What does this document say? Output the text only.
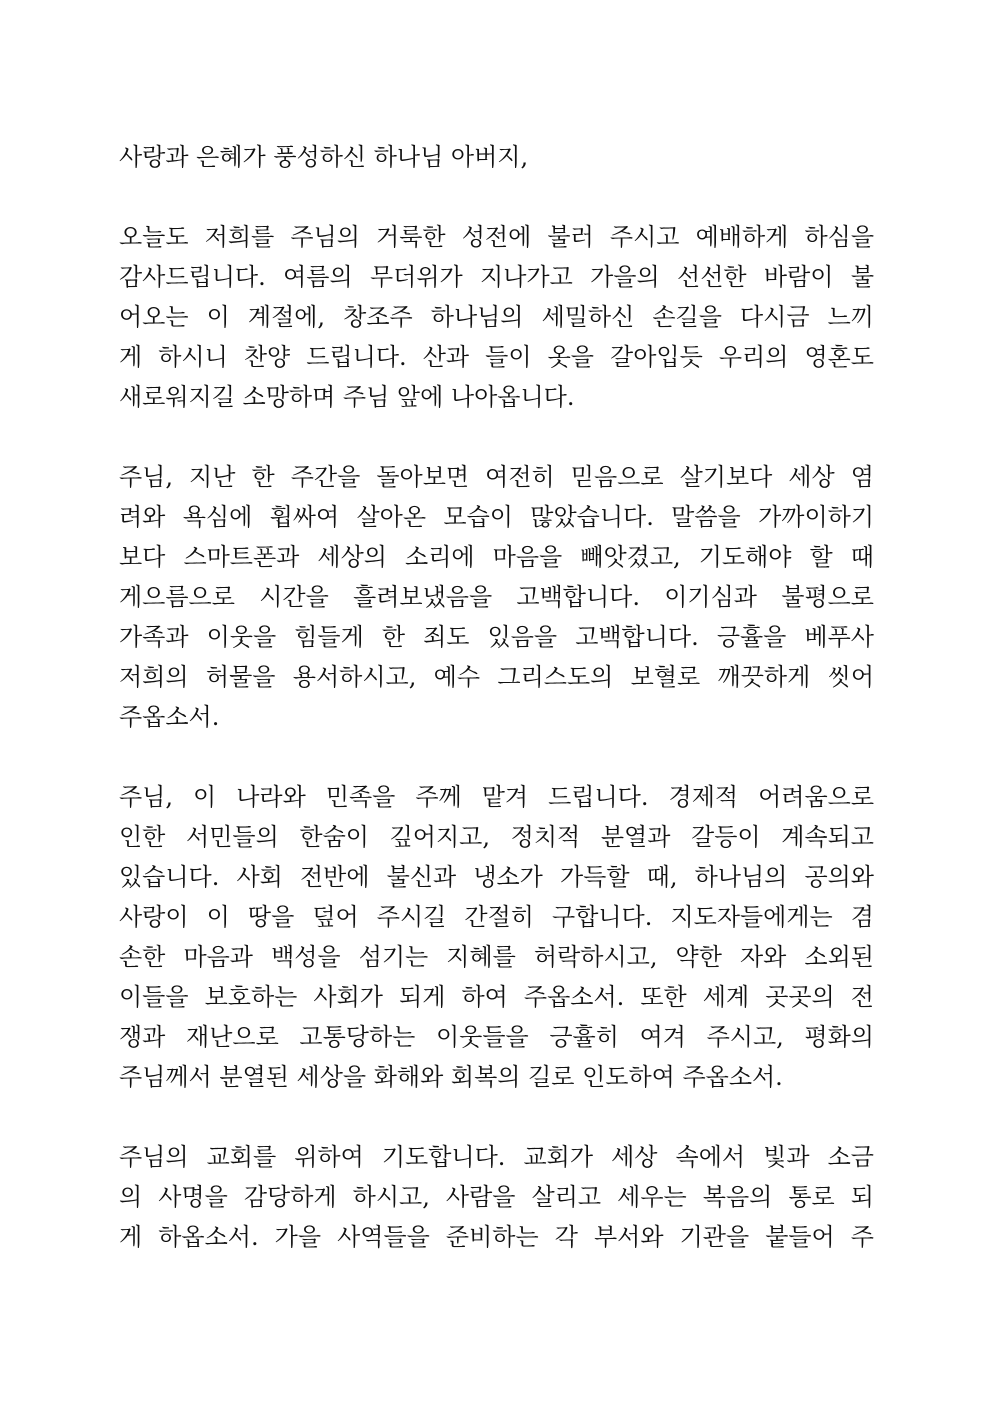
사랑과 은혜가 풍성하신 하나님 아버지,
오늘도 저희를 주님의 거룩한 성전에 불러 주시고 예배하게 하심을
감사드립니다. 여름의 무더위가 지나가고 가을의 선선한 바람이 불
어오는 이 계절에, 창조주 하나님의 세밀하신 손길을 다시금 느끼
게 하시니 찬양 드립니다. 산과 들이 옷을 갈아입듯 우리의 영혼도
새로워지길 소망하며 주님 앞에 나아옵니다.
주님, 지난 한 주간을 돌아보면 여전히 믿음으로 살기보다 세상 염
려와 욕심에 휩싸여 살아온 모습이 많았습니다. 말씀을 가까이하기
보다 스마트폰과 세상의 소리에 마음을 빼앗겼고, 기도해야 할 때
게으름으로 시간을 흘려보냈음을 고백합니다. 이기심과 불평으로
가족과 이웃을 힘들게 한 죄도 있음을 고백합니다. 긍휼을 베푸사
저희의 허물을 용서하시고, 예수 그리스도의 보혈로 깨끗하게 씻어
주옵소서.
주님, 이 나라와 민족을 주께 맡겨 드립니다. 경제적 어려움으로
인한 서민들의 한숨이 깊어지고, 정치적 분열과 갈등이 계속되고
있습니다. 사회 전반에 불신과 냉소가 가득할 때, 하나님의 공의와
사랑이 이 땅을 덮어 주시길 간절히 구합니다. 지도자들에게는 겸
손한 마음과 백성을 섬기는 지혜를 허락하시고, 약한 자와 소외된
이들을 보호하는 사회가 되게 하여 주옵소서. 또한 세계 곳곳의 전
쟁과 재난으로 고통당하는 이웃들을 긍휼히 여겨 주시고, 평화의
주님께서 분열된 세상을 화해와 회복의 길로 인도하여 주옵소서.
주님의 교회를 위하여 기도합니다. 교회가 세상 속에서 빛과 소금
의 사명을 감당하게 하시고, 사람을 살리고 세우는 복음의 통로 되
게 하옵소서. 가을 사역들을 준비하는 각 부서와 기관을 붙들어 주
